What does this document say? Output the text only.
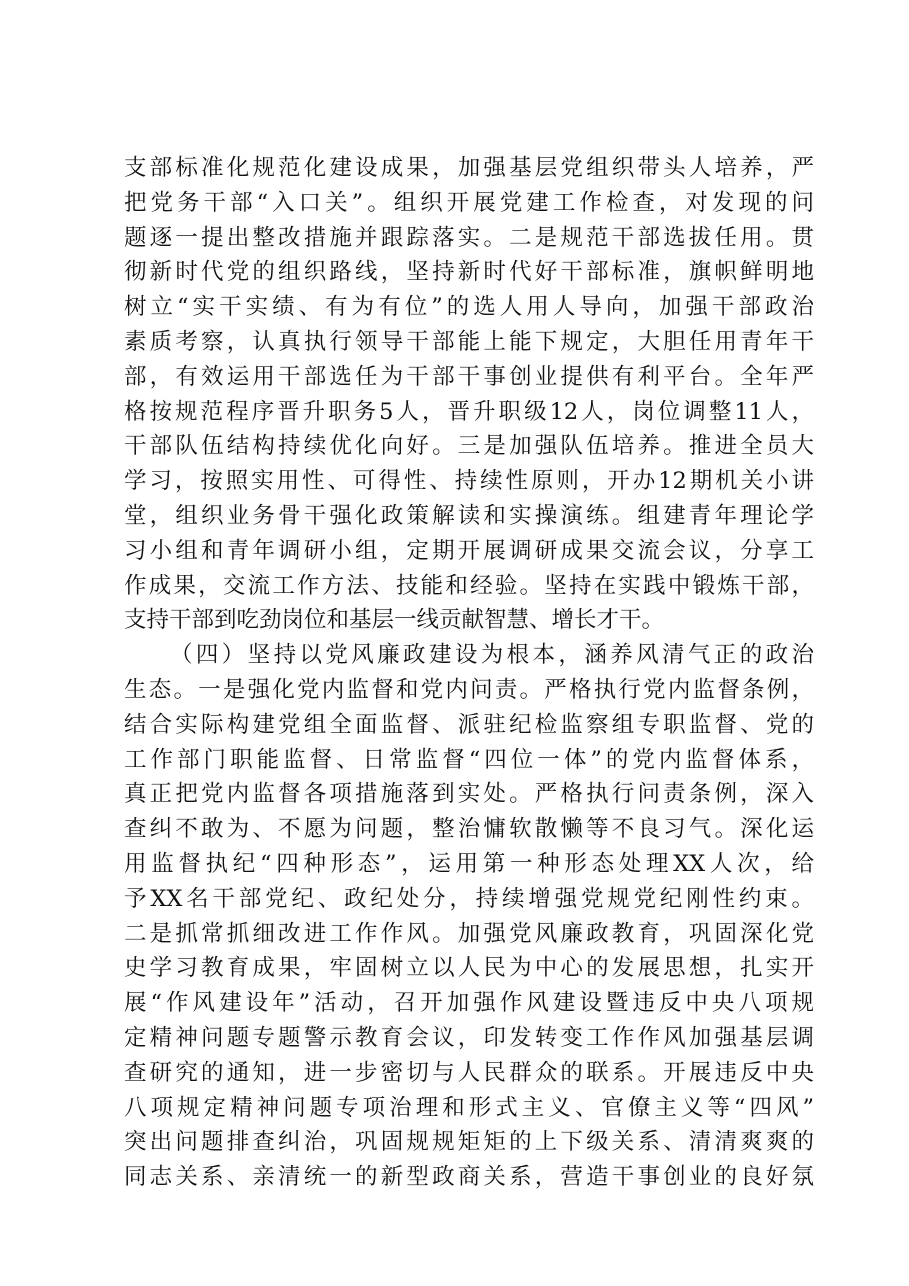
支部标准化规范化建设成果，加强基层党组织带头人培养，严
把党务干部“入口关”。组织开展党建工作检查，对发现的问
题逐一提出整改措施并跟踪落实。二是规范干部选拔任用。贯
彻新时代党的组织路线，坚持新时代好干部标准，旗帜鲜明地
树立“实干实绩、有为有位”的选人用人导向，加强干部政治
素质考察，认真执行领导干部能上能下规定，大胆任用青年干
部，有效运用干部选任为干部干事创业提供有利平台。全年严
格按规范程序晋升职务5人，晋升职级12人，岗位调整11人，
干部队伍结构持续优化向好。三是加强队伍培养。推进全员大
学习，按照实用性、可得性、持续性原则，开办12期机关小讲
堂，组织业务骨干强化政策解读和实操演练。组建青年理论学
习小组和青年调研小组，定期开展调研成果交流会议，分享工
作成果，交流工作方法、技能和经验。坚持在实践中锻炼干部，
支持干部到吃劲岗位和基层一线贡献智慧、增长才干。
（四）坚持以党风廉政建设为根本，涵养风清气正的政治
生态。一是强化党内监督和党内问责。严格执行党内监督条例，
结合实际构建党组全面监督、派驻纪检监察组专职监督、党的
工作部门职能监督、日常监督“四位一体”的党内监督体系，
真正把党内监督各项措施落到实处。严格执行问责条例，深入
查纠不敢为、不愿为问题，整治慵软散懒等不良习气。深化运
用监督执纪“四种形态”，运用第一种形态处理XX人次，给
予XX名干部党纪、政纪处分，持续增强党规党纪刚性约束。
二是抓常抓细改进工作作风。加强党风廉政教育，巩固深化党
史学习教育成果，牢固树立以人民为中心的发展思想，扎实开
展“作风建设年”活动，召开加强作风建设暨违反中央八项规
定精神问题专题警示教育会议，印发转变工作作风加强基层调
查研究的通知，进一步密切与人民群众的联系。开展违反中央
八项规定精神问题专项治理和形式主义、官僚主义等“四风”
突出问题排查纠治，巩固规规矩矩的上下级关系、清清爽爽的
同志关系、亲清统一的新型政商关系，营造干事创业的良好氛
